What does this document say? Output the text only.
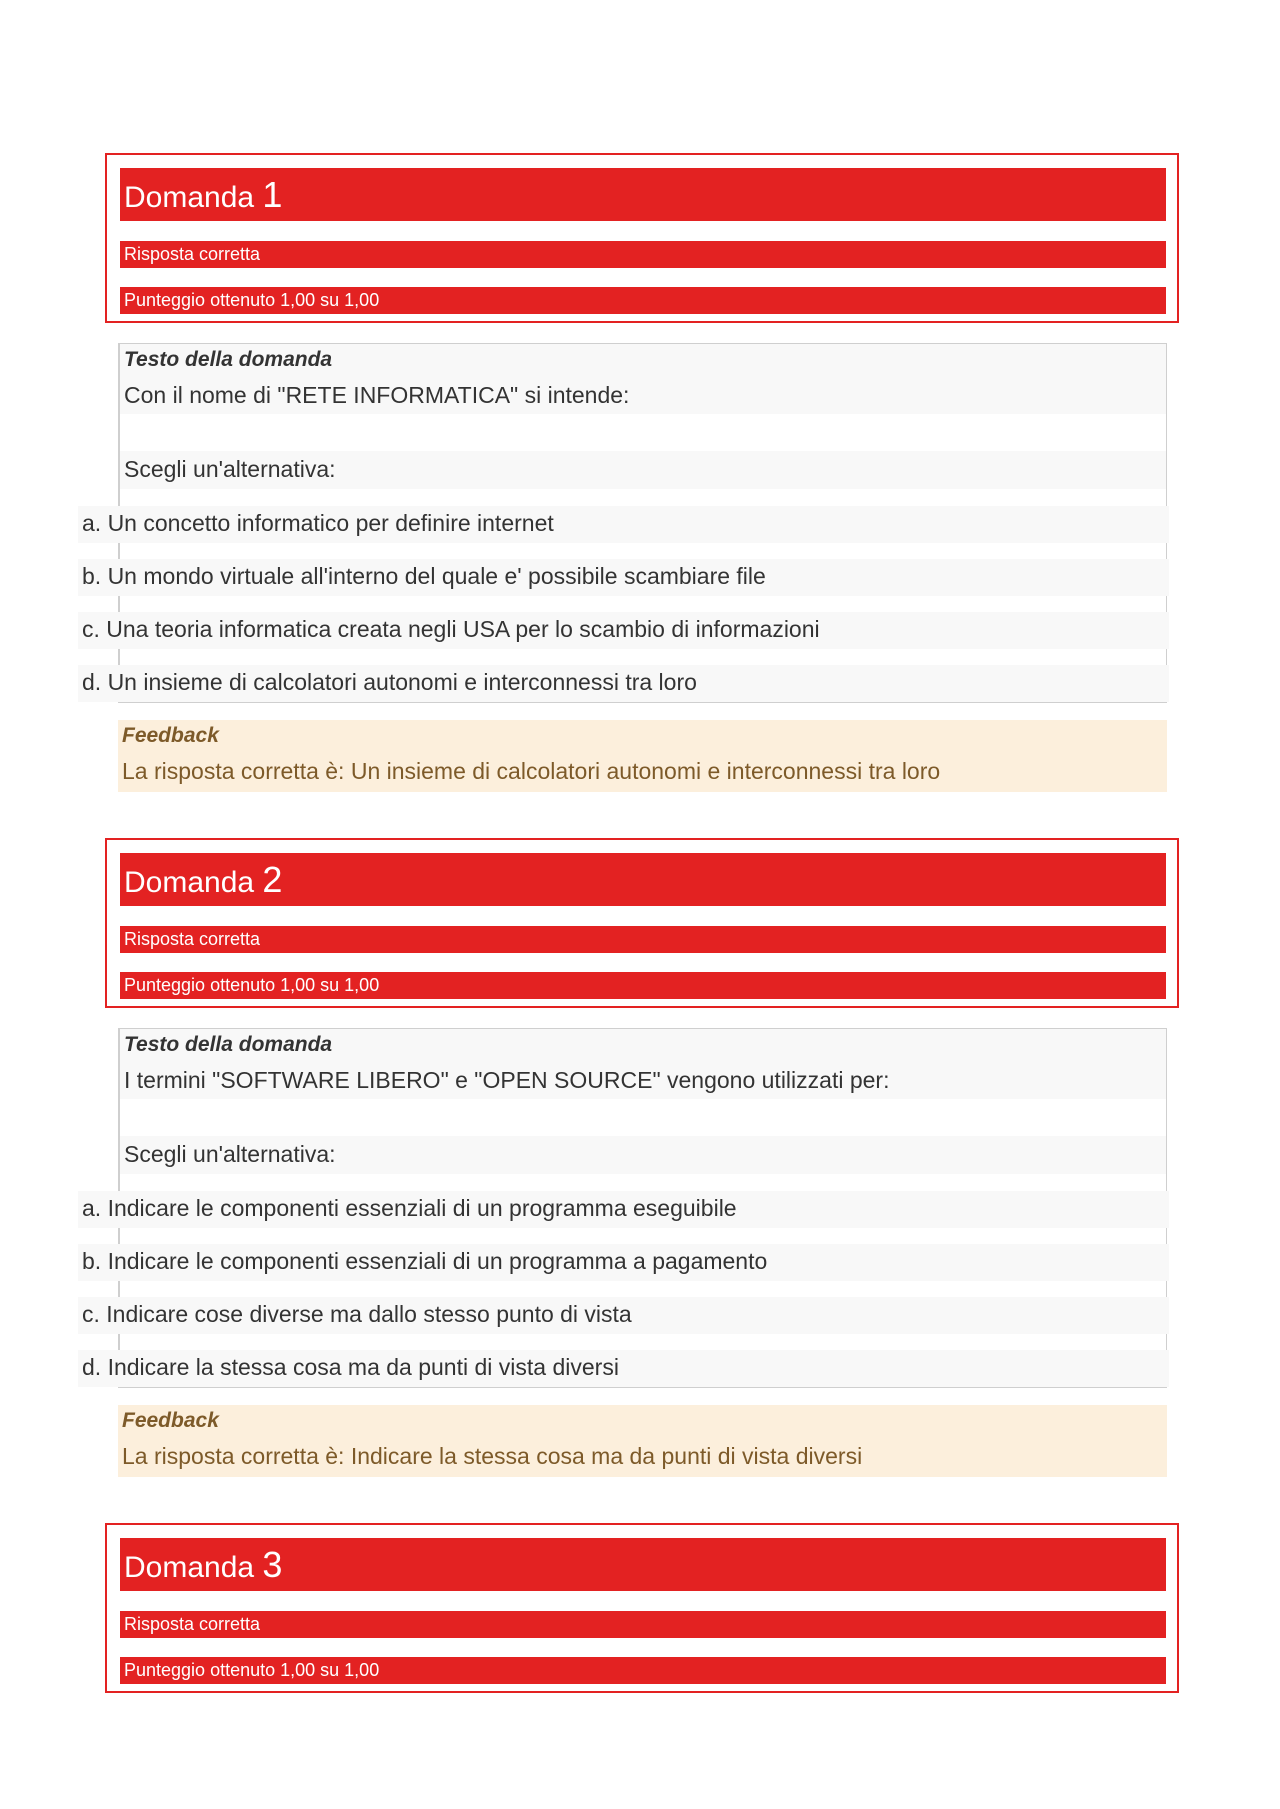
Domanda 1
Risposta corretta
Punteggio ottenuto 1,00 su 1,00
Testo della domanda
Con il nome di "RETE INFORMATICA" si intende:
Scegli un'alternativa:
a. Un concetto informatico per definire internet
b. Un mondo virtuale all'interno del quale e' possibile scambiare file
c. Una teoria informatica creata negli USA per lo scambio di informazioni
d. Un insieme di calcolatori autonomi e interconnessi tra loro
Feedback
La risposta corretta è: Un insieme di calcolatori autonomi e interconnessi tra loro
Domanda 2
Risposta corretta
Punteggio ottenuto 1,00 su 1,00
Testo della domanda
I termini "SOFTWARE LIBERO" e "OPEN SOURCE" vengono utilizzati per:
Scegli un'alternativa:
a. Indicare le componenti essenziali di un programma eseguibile
b. Indicare le componenti essenziali di un programma a pagamento
c. Indicare cose diverse ma dallo stesso punto di vista
d. Indicare la stessa cosa ma da punti di vista diversi
Feedback
La risposta corretta è: Indicare la stessa cosa ma da punti di vista diversi
Domanda 3
Risposta corretta
Punteggio ottenuto 1,00 su 1,00
